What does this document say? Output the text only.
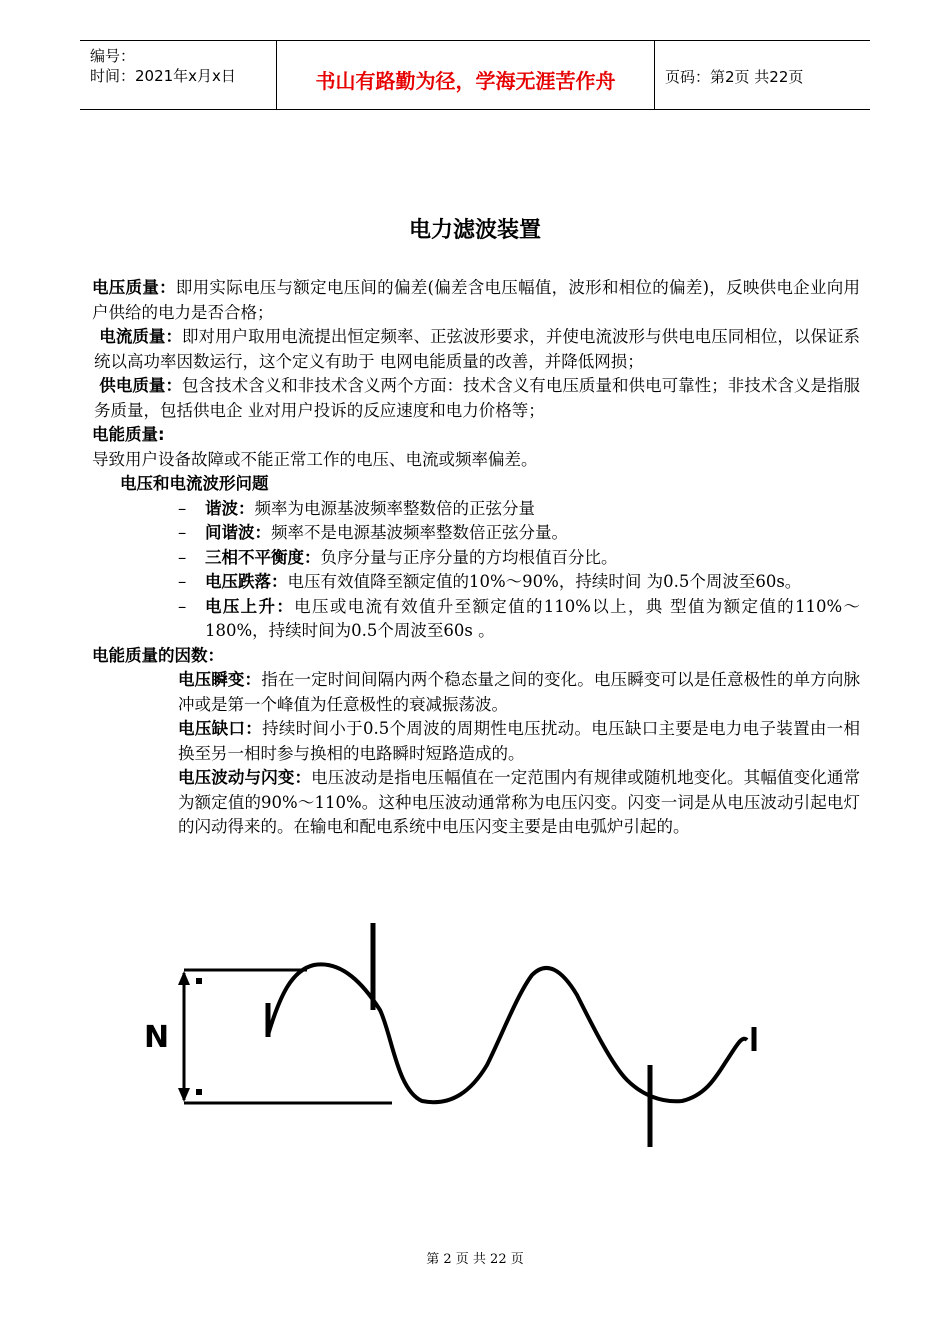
编号：
时间：2021年x月x日	书山有路勤为径，学海无涯苦作舟	页码：第2页 共22页
电力滤波装置

电压质量：即用实际电压与额定电压间的偏差(偏差含电压幅值，波形和相位的偏差)，反映供电企业向用户供给的电力是否合格；

电流质量：即对用户取用电流提出恒定频率、正弦波形要求，并使电流波形与供电电压同相位，以保证系统以高功率因数运行，这个定义有助于 电网电能质量的改善，并降低网损；

供电质量：包含技术含义和非技术含义两个方面：技术含义有电压质量和供电可靠性；非技术含义是指服务质量，包括供电企 业对用户投诉的反应速度和电力价格等；

电能质量:

导致用户设备故障或不能正常工作的电压、电流或频率偏差。

电压和电流波形问题

– 谐波：频率为电源基波频率整数倍的正弦分量
– 间谐波：频率不是电源基波频率整数倍正弦分量。
– 三相不平衡度：负序分量与正序分量的方均根值百分比。
– 电压跌落：电压有效值降至额定值的10%～90%，持续时间 为0.5个周波至60s。
– 电压上升：电压或电流有效值升至额定值的110%以上，典 型值为额定值的110%～180%，持续时间为0.5个周波至60s 。

电能质量的因数：

电压瞬变：指在一定时间间隔内两个稳态量之间的变化。电压瞬变可以是任意极性的单方向脉冲或是第一个峰值为任意极性的衰减振荡波。

电压缺口：持续时间小于0.5个周波的周期性电压扰动。电压缺口主要是电力电子装置由一相换至另一相时参与换相的电路瞬时短路造成的。

电压波动与闪变：电压波动是指电压幅值在一定范围内有规律或随机地变化。其幅值变化通常为额定值的90%～110%。这种电压波动通常称为电压闪变。闪变一词是从电压波动引起电灯的闪动得来的。在输电和配电系统中电压闪变主要是由电弧炉引起的。

N
第 2 页 共 22 页
